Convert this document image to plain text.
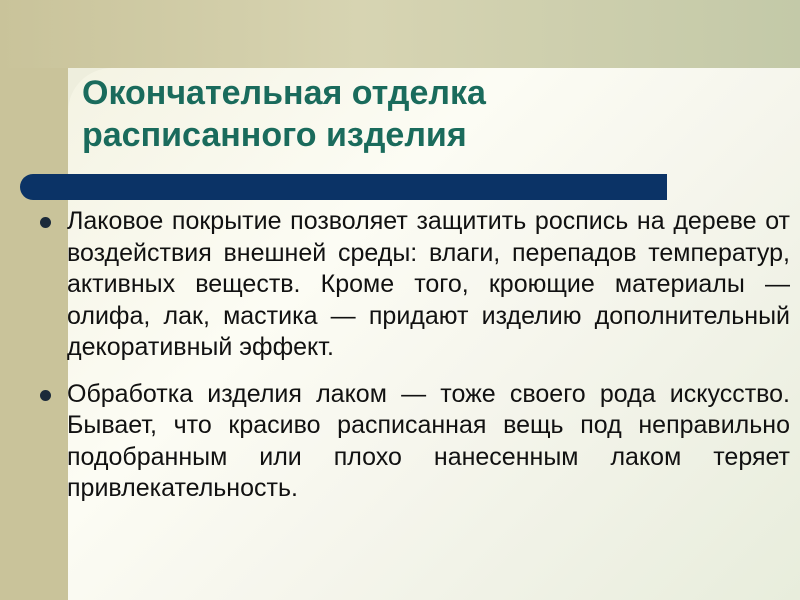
Окончательная отделка
расписанного изделия
Лаковое покрытие позволяет защитить роспись на дереве от воздействия внешней среды: влаги, перепадов температур, активных веществ. Кроме того, кроющие материалы —олифа, лак, мастика — придают изделию дополнительный декоративный эффект.
Обработка изделия лаком — тоже своего рода искусство. Бывает, что красиво расписанная вещь под неправильно подобранным или плохо нанесенным лаком теряет привлекательность.
